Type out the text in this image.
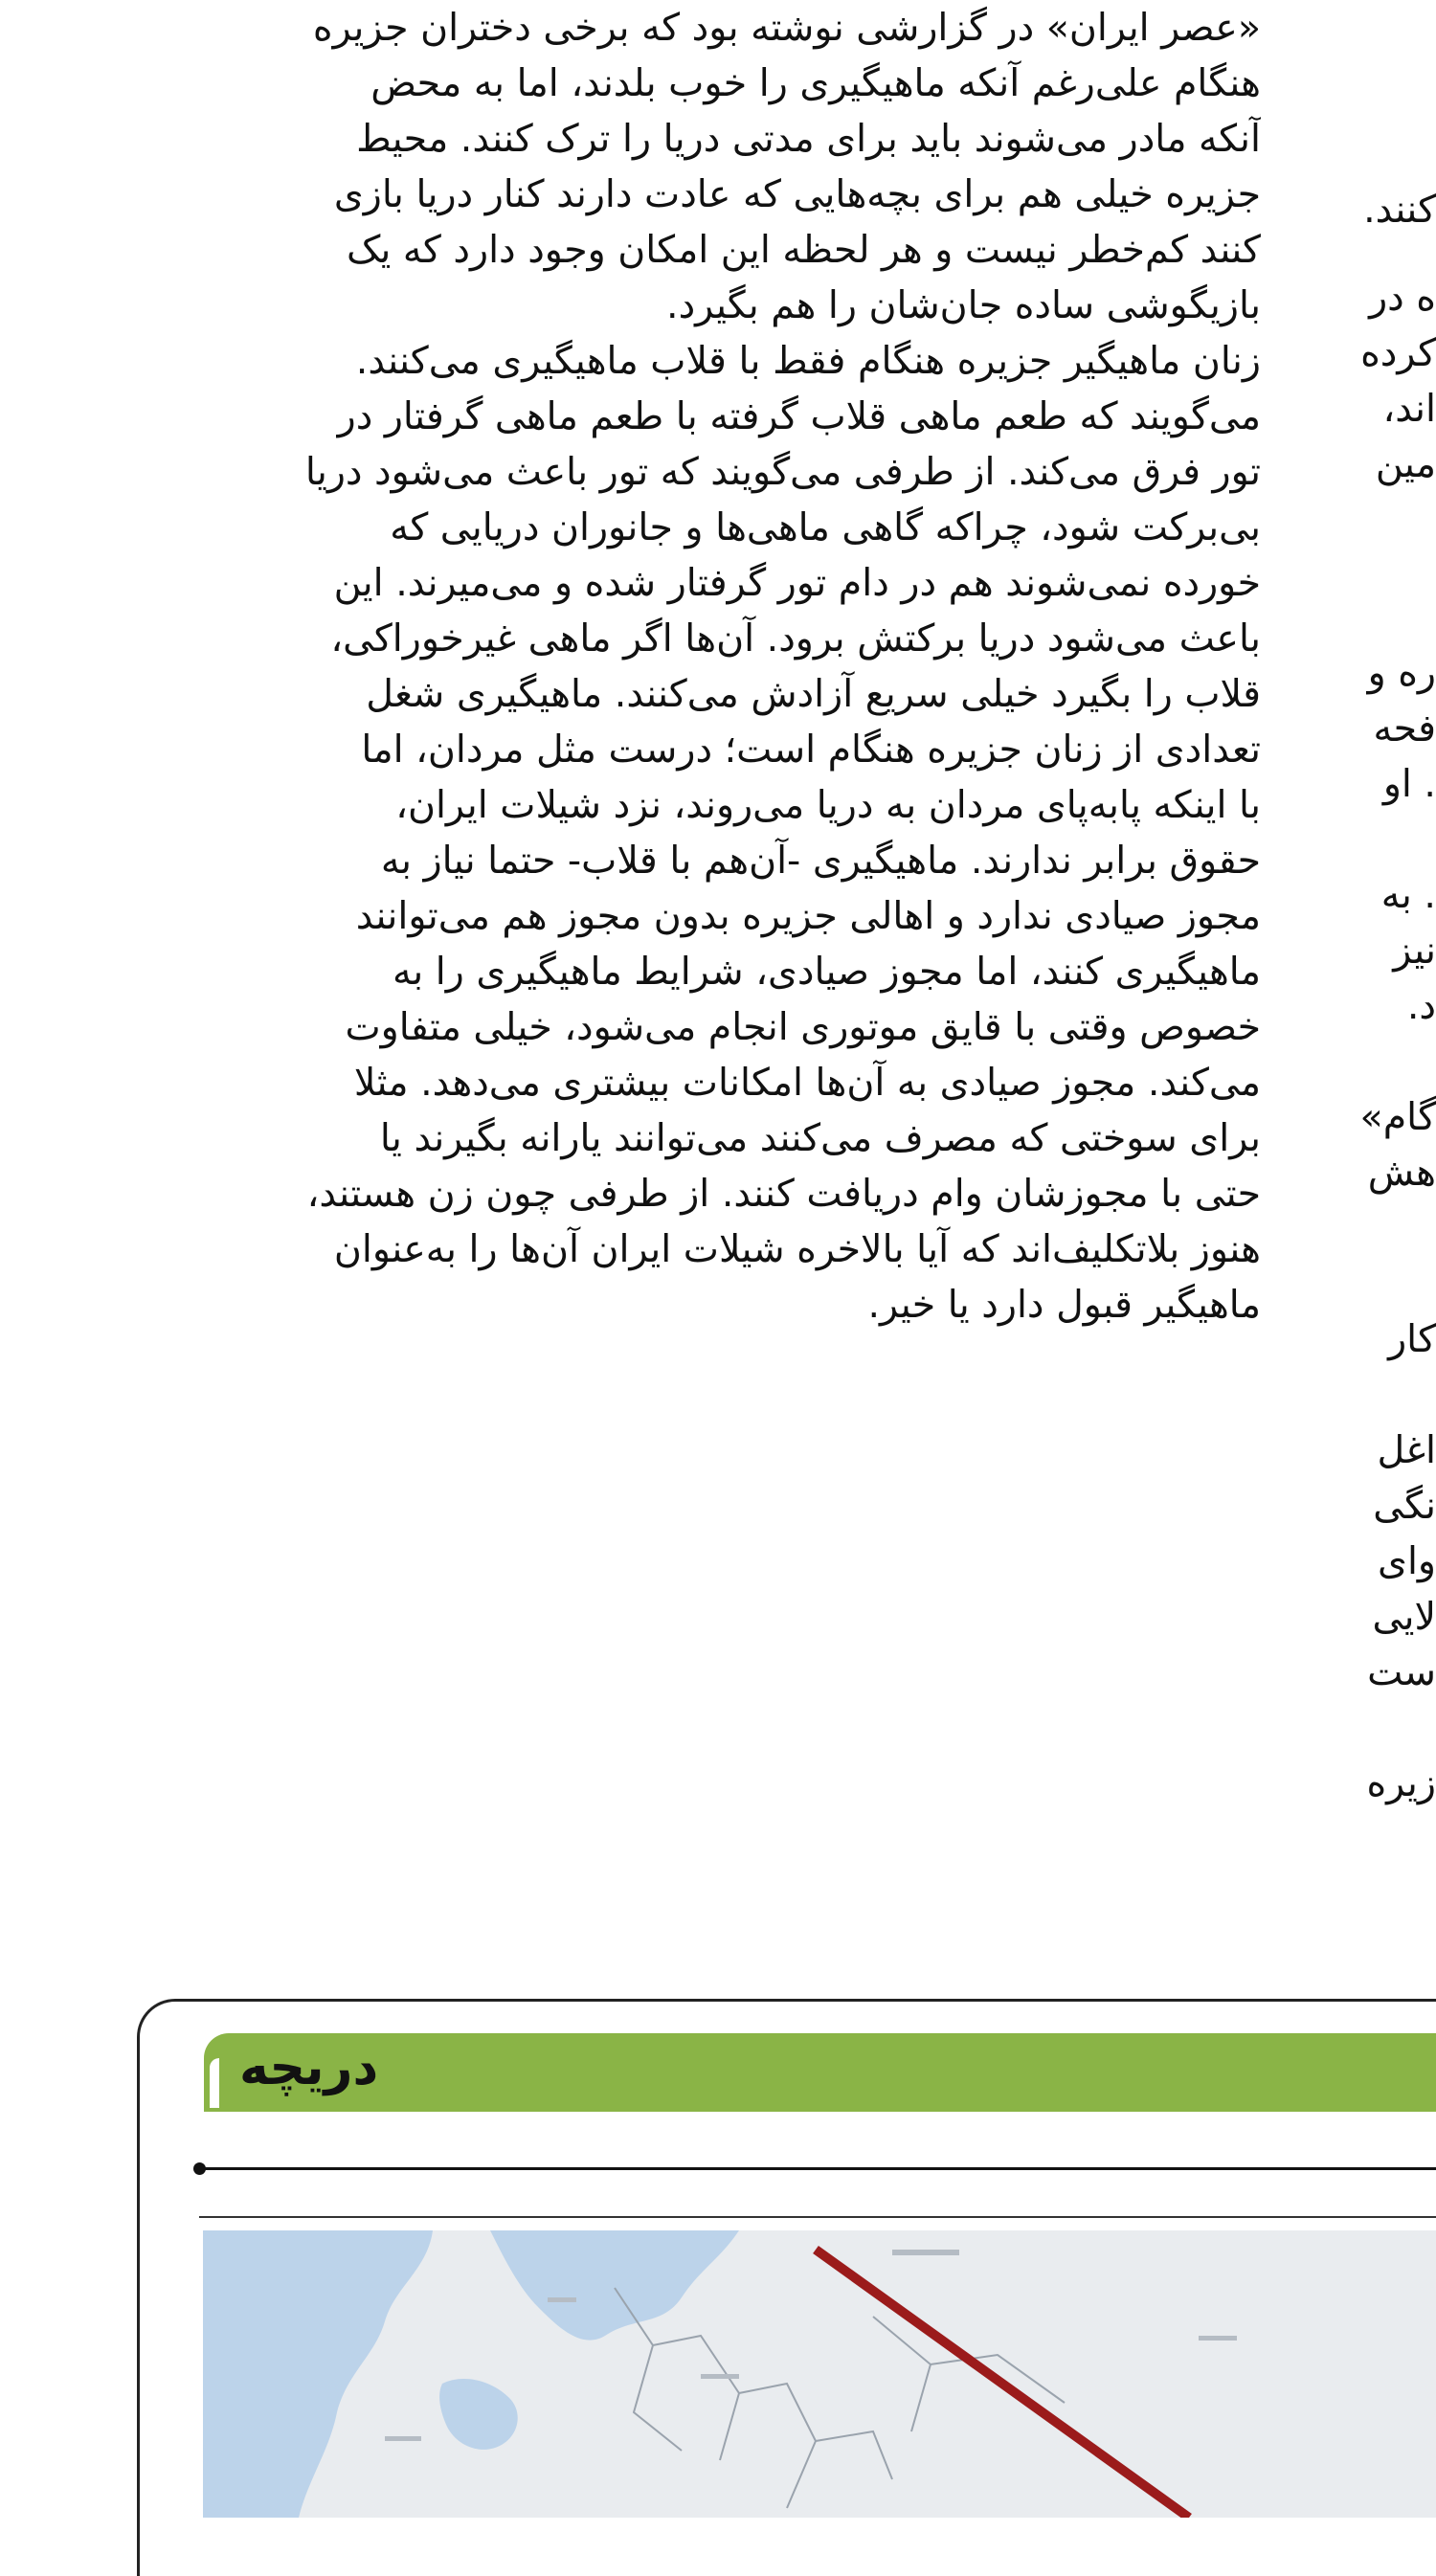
«عصر ایران» در گزارشی نوشته بود که برخی دختران جزیره
هنگام علی‌رغم آنکه ماهیگیری را خوب بلدند، اما به محض
آنکه مادر می‌شوند باید برای مدتی دریا را ترک کنند. محیط
جزیره خیلی هم برای بچه‌هایی که عادت دارند کنار دریا بازی
کنند کم‌خطر نیست و هر لحظه این امکان وجود دارد که یک
بازیگوشی ساده جان‌شان را هم بگیرد.
زنان ماهیگیر جزیره هنگام فقط با قلاب ماهیگیری می‌کنند.
می‌گویند که طعم ماهی قلاب گرفته با طعم ماهی گرفتار در
تور فرق می‌کند. از طرفی می‌گویند که تور باعث می‌شود دریا
بی‌برکت شود، چراکه گاهی ماهی‌ها و جانوران دریایی که
خورده نمی‌شوند هم در دام تور گرفتار شده و می‌میرند. این
باعث می‌شود دریا برکتش برود. آن‌ها اگر ماهی غیرخوراکی،
قلاب را بگیرد خیلی سریع آزادش می‌کنند. ماهیگیری شغل
تعدادی از زنان جزیره هنگام است؛ درست مثل مردان، اما
با اینکه پابه‌پای مردان به دریا می‌روند، نزد شیلات ایران،
حقوق برابر ندارند. ماهیگیری -آن‌هم با قلاب- حتما نیاز به
مجوز صیادی ندارد و اهالی جزیره بدون مجوز هم می‌توانند
ماهیگیری کنند، اما مجوز صیادی، شرایط ماهیگیری را به
خصوص وقتی با قایق موتوری انجام می‌شود، خیلی متفاوت
می‌کند. مجوز صیادی به آن‌ها امکانات بیشتری می‌دهد. مثلا
برای سوختی که مصرف می‌کنند می‌توانند یارانه بگیرند یا
حتی با مجوزشان وام دریافت کنند. از طرفی چون زن هستند،
هنوز بلاتکلیف‌اند که آیا بالاخره شیلات ایران آن‌ها را به‌عنوان
ماهیگیر قبول دارد یا خیر.
کنند.
ه در
کرده
اند،
مین
ره و
فحه
. او
. به
نیز
د.
گام»
هش
کار
اغل
نگی
وای
لایی
ست
زیره
دریچه
